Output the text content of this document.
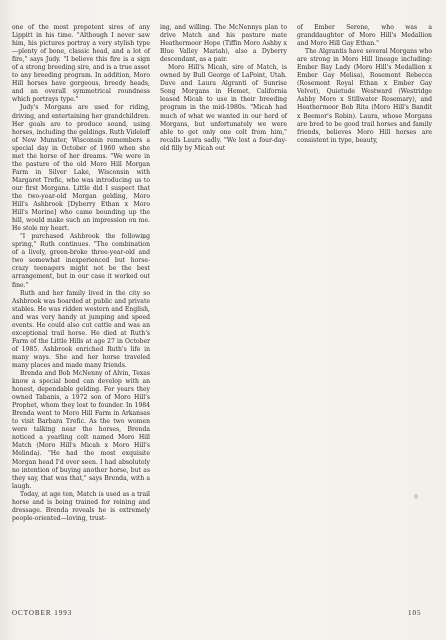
one of the most prepotent sires of any Lippitt in his time. "Although I never saw him, his pictures portray a very stylish type—plenty of bone, classic head, and a lot of fire," says Judy. "I believe this fire is a sign of a strong breeding sire, and is a true asset to any breeding program. In addition, Moro Hill horses have gorgeous, breedy heads, and an overall symmetrical roundness which portrays type."

Judy's Morgans are used for riding, driving, and entertaining her grandchildren. Her goals are to produce sound, using horses, including the geldings. Ruth Videloff of New Munster, Wisconsin remembers a special day in October of 1960 when she met the horse of her dreams. "We were in the pasture of the old Moro Hill Morgan Farm in Silver Lake, Wisconsin with Margaret Trefic, who was introducing us to our first Morgans. Little did I suspect that the two-year-old Morgan gelding, Moro Hill's Ashbrook [Dyberry Ethan x Moro Hill's Morine] who came bounding up the hill, would make such an impression on me. He stole my heart.

"I purchased Ashbrook the following spring," Ruth continues. "The combination of a lively, green-broke three-year-old and two somewhat inexperienced but horse-crazy teenagers might not be the best arrangement, but in our case it worked out fine."

Ruth and her family lived in the city so Ashbrook was boarded at public and private stables. He was ridden western and English, and was very handy at jumping and speed events. He could also cut cattle and was an exceptional trail horse. He died at Ruth's Farm of the Little Hills at age 27 in October of 1985. Ashbrook enriched Ruth's life in many ways. She and her horse traveled many places and made many friends.

Brenda and Bob McNenny of Alvin, Texas know a special bond can develop with an honest, dependable gelding. For years they owned Tabanis, a 1972 son of Moro Hill's Prophet, whom they lost to founder. In 1984 Brenda went to Moro Hill Farm in Arkansas to visit Barbara Trefic. As the two women were talking near the horses, Brenda noticed a yearling colt named Moro Hill Match (Moro Hill's Micah x Moro Hill's Melinda). "He had the most exquisite Morgan head I'd ever seen. I had absolutely no intention of buying another horse, but as they say, that was that," says Brenda, with a laugh.

Today, at age ten, Match is used as a trail horse and is being trained for reining and dressage. Brenda reveals he is extremely people-oriented—loving, trust-

ing, and willing. The McNennys plan to drive Match and his pasture mate Heathermoor Hope (Tiffin Moro Ashby x Blue Valley Mariah), also a Dyberry descendant, as a pair.

Moro Hill's Micah, sire of Match, is owned by Bull George of LaPoint, Utah. Dave and Laura Algranti of Sunrise Song Morgans in Hemet, California leased Micah to use in their breeding program in the mid-1980s. "Micah had much of what we wanted in our herd of Morgans, but unfortunately we were able to get only one colt from him," recalls Laura sadly. "We lost a four-day-old filly by Micah out

of Ember Serene, who was a granddaughter of Moro Hill's Medallion and Moro Hill Gay Ethan."

The Algrantis have several Morgans who are strong in Moro Hill lineage including: Ember Bay Lady (Moro Hill's Medallion x Ember Gay Melisa), Rosemont Rebecca (Rosemont Royal Ethan x Ember Gay Velvet), Quietude Westward (Westridge Ashby Moro x Stillwater Rosemary), and Heathermoor Bob Rita (Moro Hill's Bandit x Beemor's Robin). Laura, whose Morgans are bred to be good trail horses and family friends, believes Moro Hill horses are consistent in type, beauty,

OCTOBER 1993	105
